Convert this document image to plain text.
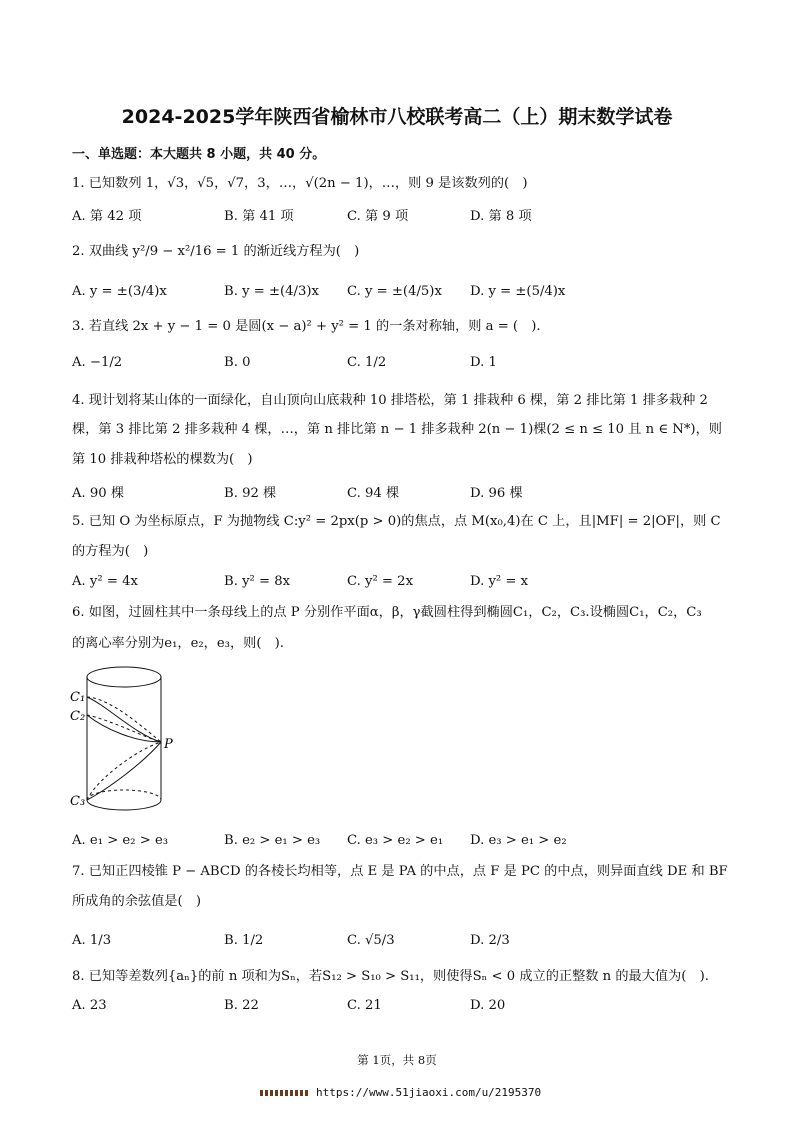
2024-2025学年陕西省榆林市八校联考高二（上）期末数学试卷
一、单选题：本大题共 8 小题，共 40 分。
1. 已知数列 1，√3，√5，√7，3，…，√(2n − 1)，…，则 9 是该数列的(　)
A. 第 42 项	B. 第 41 项	C. 第 9 项	D. 第 8 项
2. 双曲线 y²/9 − x²/16 = 1 的渐近线方程为(　)
A. y = ±(3/4)x	B. y = ±(4/3)x C. y = ±(4/5)x D. y = ±(5/4)x
3. 若直线 2x + y − 1 = 0 是圆(x − a)² + y² = 1 的一条对称轴，则 a = (　).
A. −1/2	B. 0	C. 1/2	D. 1
4. 现计划将某山体的一面绿化，自山顶向山底栽种 10 排塔松，第 1 排栽种 6 棵，第 2 排比第 1 排多栽种 2
棵，第 3 排比第 2 排多栽种 4 棵，…，第 n 排比第 n − 1 排多栽种 2(n − 1)棵(2 ≤ n ≤ 10 且 n ∈ N*)，则
第 10 排栽种塔松的棵数为(　)
A. 90 棵	B. 92 棵	C. 94 棵	D. 96 棵
5. 已知 O 为坐标原点，F 为抛物线 C:y² = 2px(p > 0)的焦点，点 M(x₀,4)在 C 上，且|MF| = 2|OF|，则 C
的方程为(　)
A. y² = 4x	B. y² = 8x	C. y² = 2x	D. y² = x
6. 如图，过圆柱其中一条母线上的点 P 分别作平面α，β，γ截圆柱得到椭圆C₁，C₂，C₃.设椭圆C₁，C₂，C₃
的离心率分别为e₁，e₂，e₃，则(　).
C₁
C₂
P
C₃
A. e₁ > e₂ > e₃	B. e₂ > e₁ > e₃ C. e₃ > e₂ > e₁ D. e₃ > e₁ > e₂
7. 已知正四棱锥 P − ABCD 的各棱长均相等，点 E 是 PA 的中点，点 F 是 PC 的中点，则异面直线 DE 和 BF
所成角的余弦值是(　)
A. 1/3	B. 1/2	C. √5/3	D. 2/3
8. 已知等差数列{aₙ}的前 n 项和为Sₙ，若S₁₂ > S₁₀ > S₁₁，则使得Sₙ < 0 成立的正整数 n 的最大值为(　).
A. 23	B. 22	C. 21	D. 20
第 1页，共 8页
https://www.51jiaoxi.com/u/2195370
